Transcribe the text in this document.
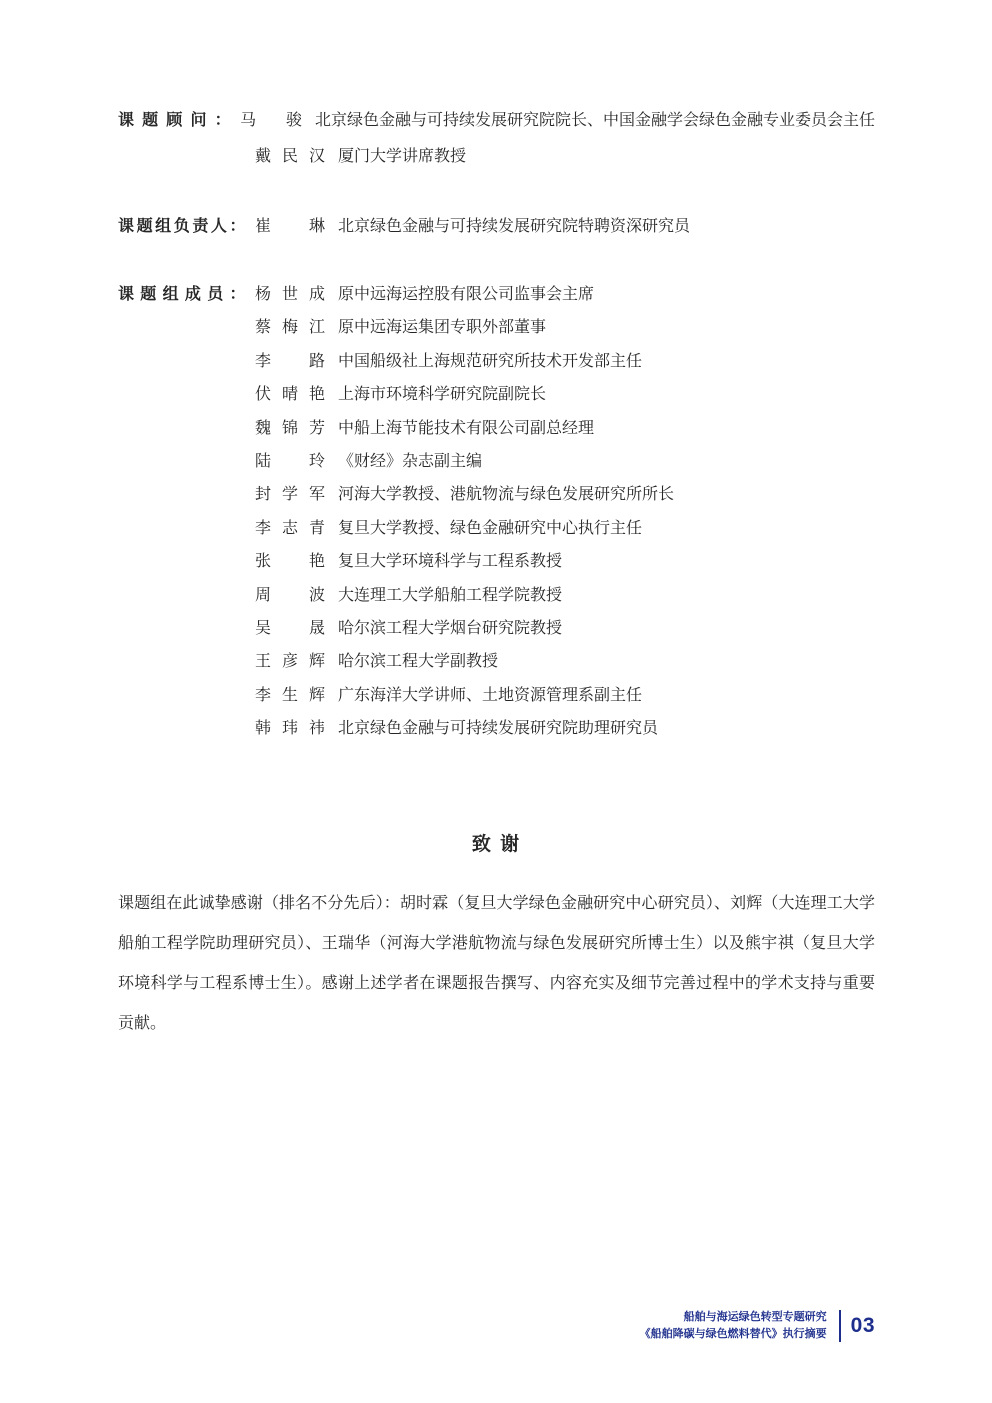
课题顾问： 马骏 北京绿色金融与可持续发展研究院院长、中国金融学会绿色金融专业委员会主任
戴民汉 厦门大学讲席教授
课题组负责人： 崔琳 北京绿色金融与可持续发展研究院特聘资深研究员
课题组成员： 杨世成 原中远海运控股有限公司监事会主席
蔡梅江 原中远海运集团专职外部董事
李路 中国船级社上海规范研究所技术开发部主任
伏晴艳 上海市环境科学研究院副院长
魏锦芳 中船上海节能技术有限公司副总经理
陆玲 《财经》杂志副主编
封学军 河海大学教授、港航物流与绿色发展研究所所长
李志青 复旦大学教授、绿色金融研究中心执行主任
张艳 复旦大学环境科学与工程系教授
周波 大连理工大学船舶工程学院教授
吴晟 哈尔滨工程大学烟台研究院教授
王彦辉 哈尔滨工程大学副教授
李生辉 广东海洋大学讲师、土地资源管理系副主任
韩玮祎 北京绿色金融与可持续发展研究院助理研究员
致 谢
课题组在此诚挚感谢（排名不分先后）：胡时霖（复旦大学绿色金融研究中心研究员）、刘辉（大连理工大学船舶工程学院助理研究员）、王瑞华（河海大学港航物流与绿色发展研究所博士生）以及熊宇祺（复旦大学环境科学与工程系博士生）。感谢上述学者在课题报告撰写、内容充实及细节完善过程中的学术支持与重要贡献。
船舶与海运绿色转型专题研究
《船舶降碳与绿色燃料替代》执行摘要 03
